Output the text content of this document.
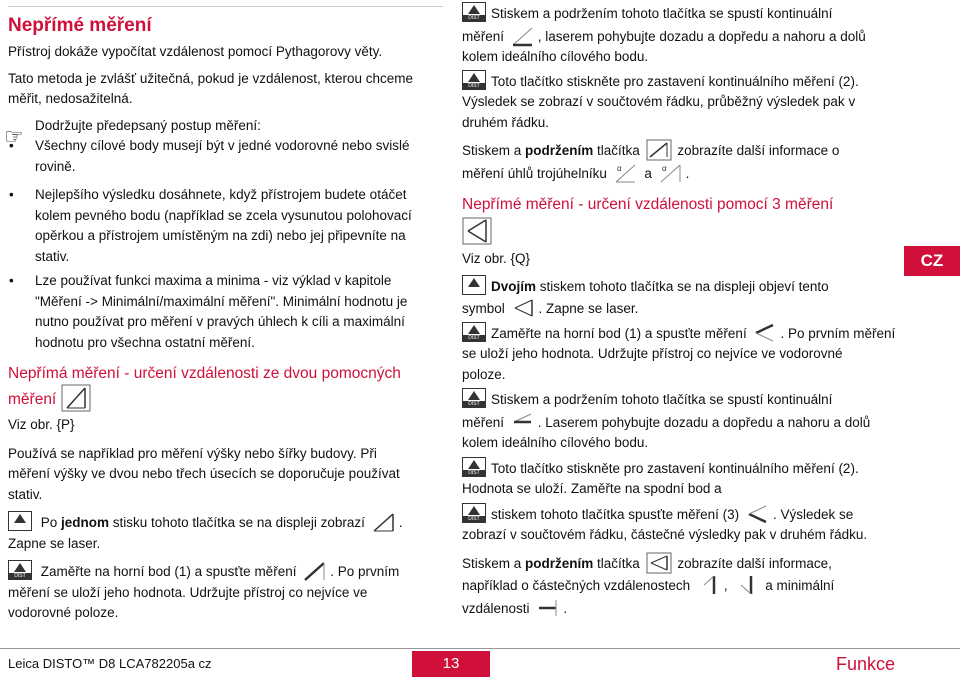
Nepřímé měření

Přístroj dokáže vypočítat vzdálenost pomocí Pythagorovy věty.

Tato metoda je zvlášť užitečná, pokud je vzdálenost, kterou chceme

měřit, nedosažitelná.

☞ Dodržujte předepsaný postup měření:

• Všechny cílové body musejí být v jedné vodorovné nebo svislé

rovině.

• Nejlepšího výsledku dosáhnete, když přístrojem budete otáčet

kolem pevného bodu (například se zcela vysunutou polohovací

opěrkou a přístrojem umístěným na zdi) nebo jej připevníte na

stativ.

• Lze používat funkci maxima a minima - viz výklad v kapitole

"Měření -> Minimální/maximální měření". Minimální hodnotu je

nutno používat pro měření v pravých úhlech k cíli a maximální

hodnotu pro všechna ostatní měření.

Nepřímá měření - určení vzdálenosti ze dvou pomocných
měření

Viz obr. {P}

Používá se například pro měření výšky nebo šířky budovy. Při

měření výšky ve dvou nebo třech úsecích se doporučuje používat

stativ.

Po jednom stisku tohoto tlačítka se na displeji zobrazí	.

Zapne se laser.

DIST	Zaměřte na horní bod (1) a spusťte měření	. Po prvním

měření se uloží jeho hodnota. Udržujte přístroj co nejvíce ve

vodorovné poloze.

DIST Stiskem a podržením tohoto tlačítka se spustí kontinuální

měření	, laserem pohybujte dozadu a dopředu a nahoru a dolů

kolem ideálního cílového bodu.

DIST Toto tlačítko stiskněte pro zastavení kontinuálního měření (2).

Výsledek se zobrazí v součtovém řádku, průběžný výsledek pak v

druhém řádku.

Stiskem a podržením tlačítka	zobrazíte další informace o

měření úhlů trojúhelníku α a α .

Nepřímé měření - určení vzdálenosti pomocí 3 měření

Viz obr. {Q}

Dvojím stiskem tohoto tlačítka se na displeji objeví tento

symbol	. Zapne se laser.

DIST Zaměřte na horní bod (1) a spusťte měření	. Po prvním měření

se uloží jeho hodnota. Udržujte přístroj co nejvíce ve vodorovné

poloze.

DIST Stiskem a podržením tohoto tlačítka se spustí kontinuální

měření	. Laserem pohybujte dozadu a dopředu a nahoru a dolů

kolem ideálního cílového bodu.

DIST Toto tlačítko stiskněte pro zastavení kontinuálního měření (2).

Hodnota se uloží. Zaměřte na spodní bod a

DIST stiskem tohoto tlačítka spusťte měření (3)	. Výsledek se

zobrazí v součtovém řádku, částečné výsledky pak v druhém řádku.

Stiskem a podržením tlačítka	zobrazíte další informace,

například o částečných vzdálenostech	,	a minimální

vzdálenosti	.

CZ
Leica DISTO™ D8 LCA782205a cz	13	Funkce
